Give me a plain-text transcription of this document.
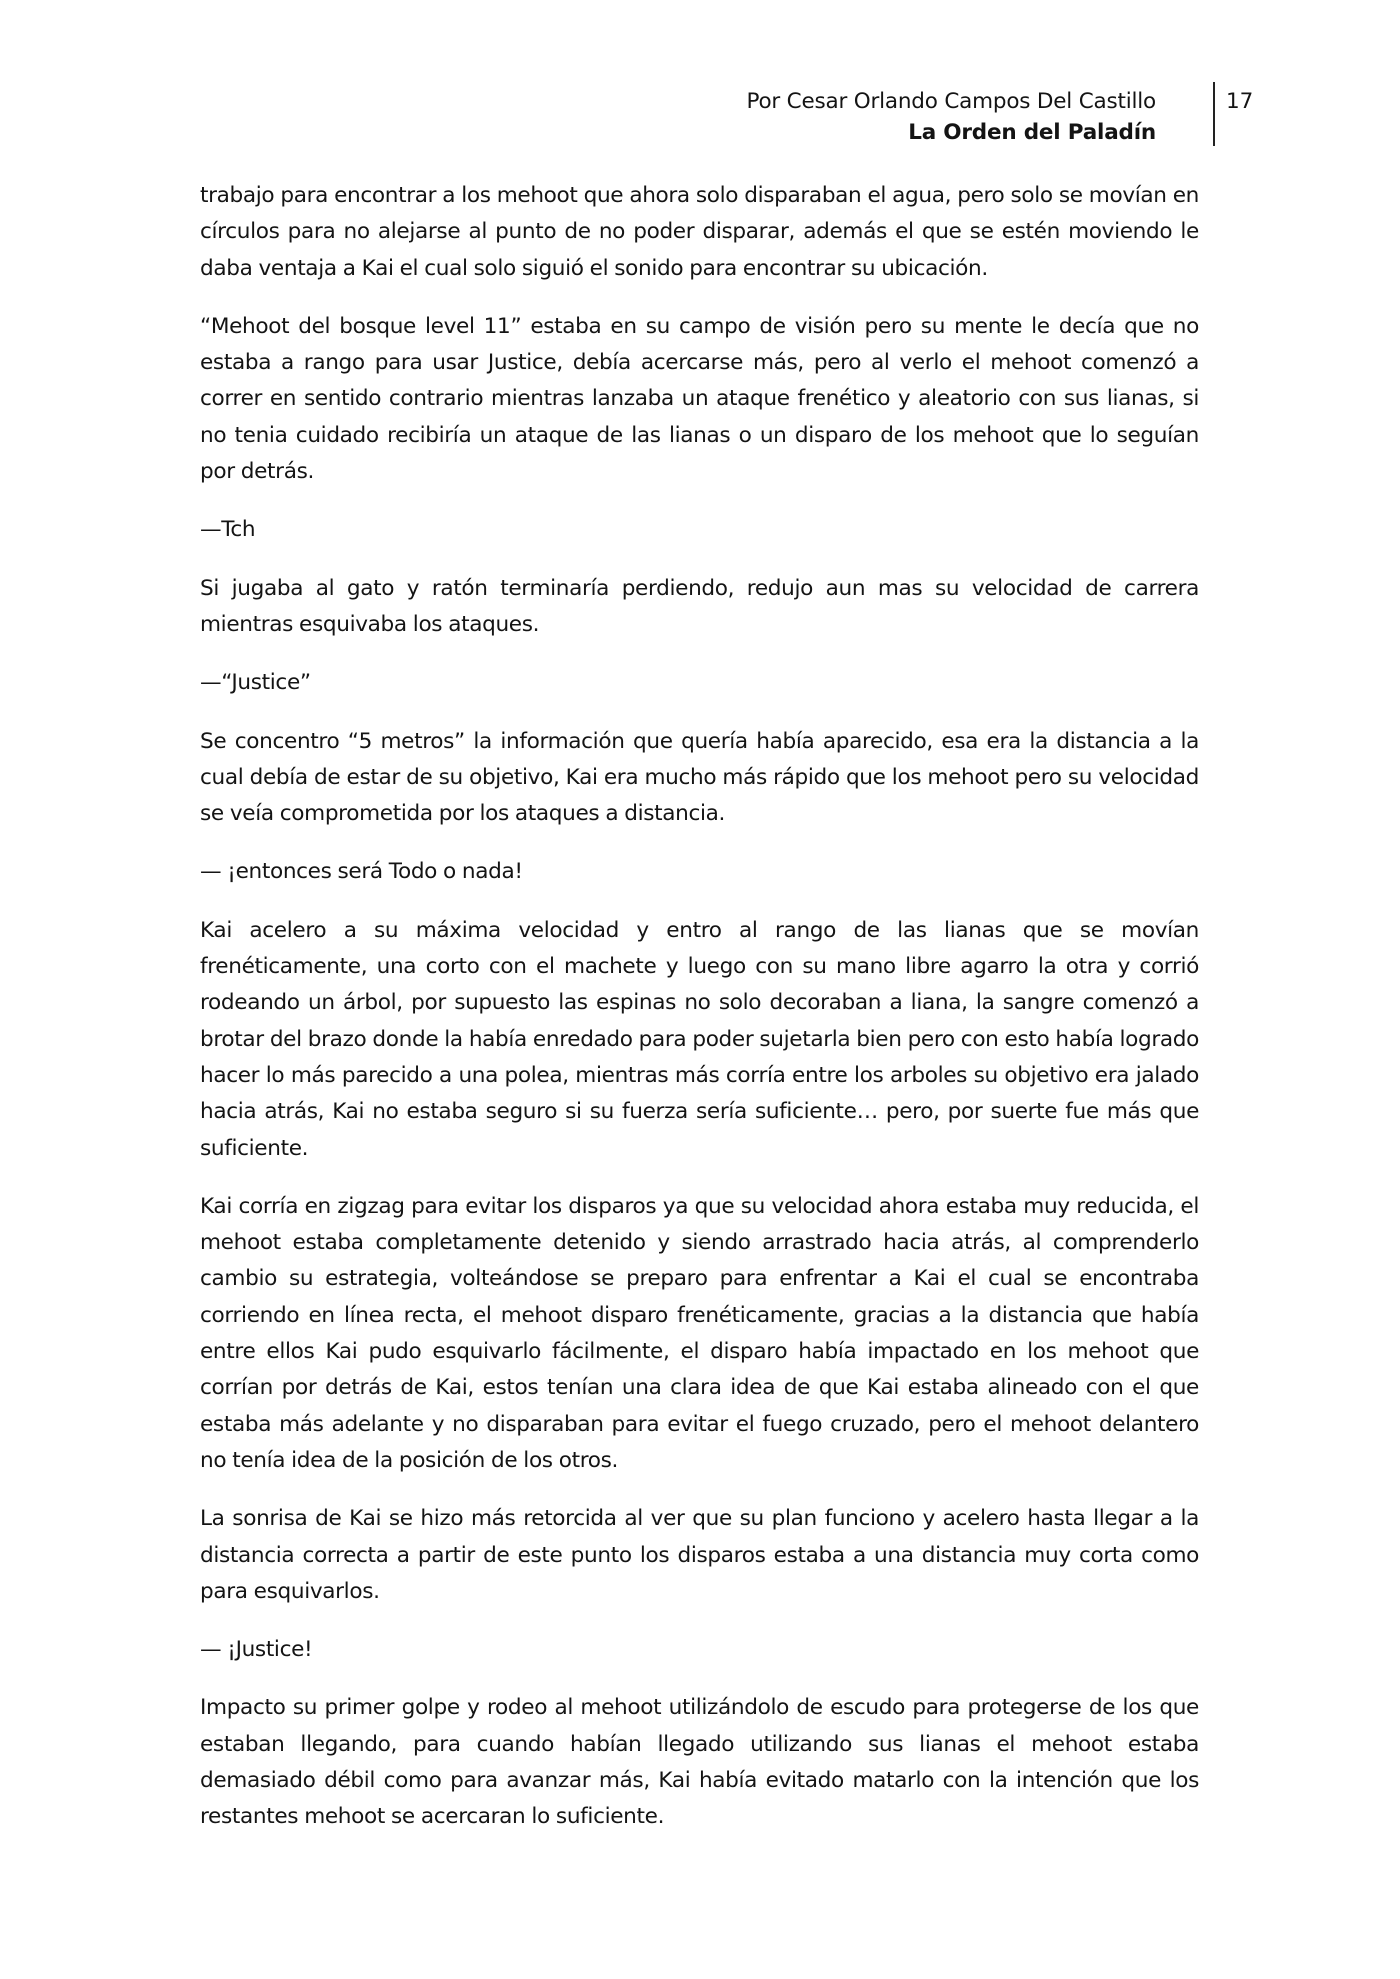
Por Cesar Orlando Campos Del Castillo
La Orden del Paladín
17

trabajo para encontrar a los mehoot que ahora solo disparaban el agua, pero solo se movían en círculos para no alejarse al punto de no poder disparar, además el que se estén moviendo le daba ventaja a Kai el cual solo siguió el sonido para encontrar su ubicación.

“Mehoot del bosque level 11” estaba en su campo de visión pero su mente le decía que no estaba a rango para usar Justice, debía acercarse más, pero al verlo el mehoot comenzó a correr en sentido contrario mientras lanzaba un ataque frenético y aleatorio con sus lianas, si no tenia cuidado recibiría un ataque de las lianas o un disparo de los mehoot que lo seguían por detrás.

—Tch

Si jugaba al gato y ratón terminaría perdiendo, redujo aun mas su velocidad de carrera mientras esquivaba los ataques.

—“Justice”

Se concentro “5 metros” la información que quería había aparecido, esa era la distancia a la cual debía de estar de su objetivo, Kai era mucho más rápido que los mehoot pero su velocidad se veía comprometida por los ataques a distancia.

— ¡entonces será Todo o nada!

Kai acelero a su máxima velocidad y entro al rango de las lianas que se movían frenéticamente, una corto con el machete y luego con su mano libre agarro la otra y corrió rodeando un árbol, por supuesto las espinas no solo decoraban a liana, la sangre comenzó a brotar del brazo donde la había enredado para poder sujetarla bien pero con esto había logrado hacer lo más parecido a una polea, mientras más corría entre los arboles su objetivo era jalado hacia atrás, Kai no estaba seguro si su fuerza sería suficiente… pero, por suerte fue más que suficiente.

Kai corría en zigzag para evitar los disparos ya que su velocidad ahora estaba muy reducida, el mehoot estaba completamente detenido y siendo arrastrado hacia atrás, al comprenderlo cambio su estrategia, volteándose se preparo para enfrentar a Kai el cual se encontraba corriendo en línea recta, el mehoot disparo frenéticamente, gracias a la distancia que había entre ellos Kai pudo esquivarlo fácilmente, el disparo había impactado en los mehoot que corrían por detrás de Kai, estos tenían una clara idea de que Kai estaba alineado con el que estaba más adelante y no disparaban para evitar el fuego cruzado, pero el mehoot delantero no tenía idea de la posición de los otros.

La sonrisa de Kai se hizo más retorcida al ver que su plan funciono y acelero hasta llegar a la distancia correcta a partir de este punto los disparos estaba a una distancia muy corta como para esquivarlos.

— ¡Justice!

Impacto su primer golpe y rodeo al mehoot utilizándolo de escudo para protegerse de los que estaban llegando, para cuando habían llegado utilizando sus lianas el mehoot estaba demasiado débil como para avanzar más, Kai había evitado matarlo con la intención que los restantes mehoot se acercaran lo suficiente.
